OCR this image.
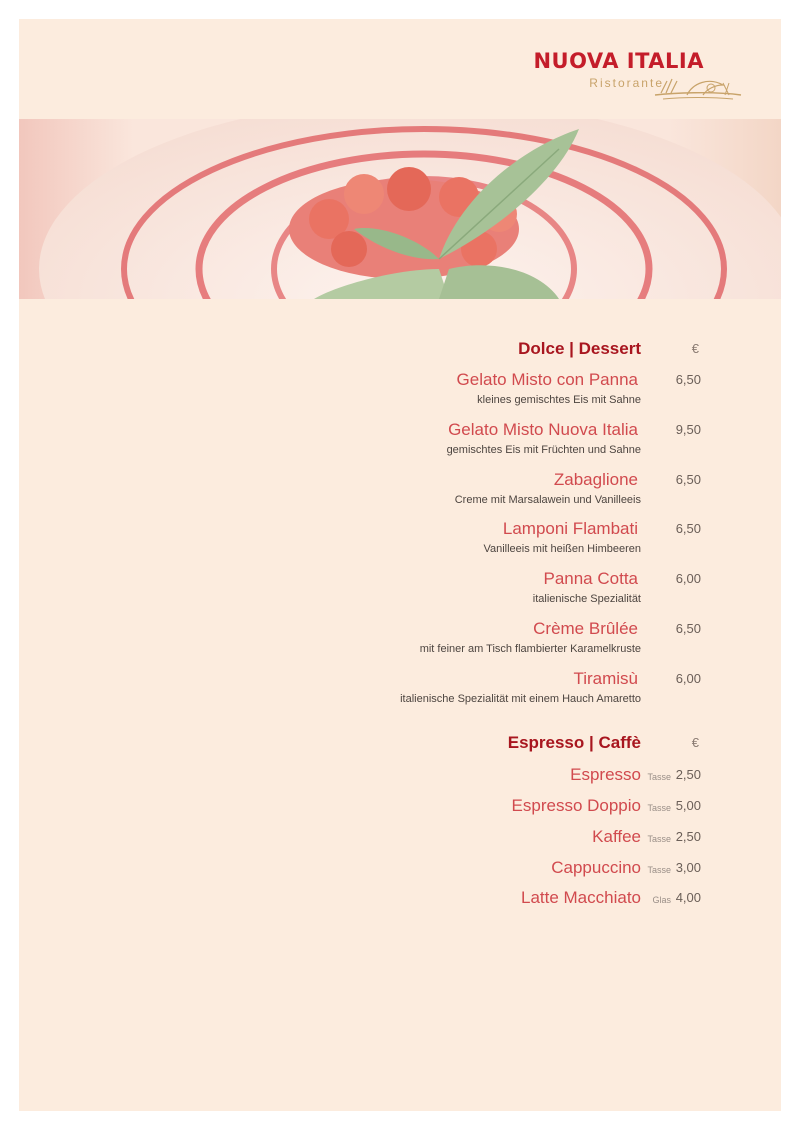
NUOVA ITALIA
Ristorante
Dolce | Dessert	€
Gelato Misto con Panna	6,50
kleines gemischtes Eis mit Sahne
Gelato Misto Nuova Italia	9,50
gemischtes Eis mit Früchten und Sahne
Zabaglione	6,50
Creme mit Marsalawein und Vanilleeis
Lamponi Flambati	6,50
Vanilleeis mit heißen Himbeeren
Panna Cotta	6,00
italienische Spezialität
Crème Brûlée	6,50
mit feiner am Tisch flambierter Karamelkruste
Tiramisù	6,00
italienische Spezialität mit einem Hauch Amaretto
Espresso | Caffè	€
Espresso Tasse 2,50
Espresso Doppio Tasse 5,00
Kaffee Tasse 2,50
Cappuccino Tasse 3,00
Latte Macchiato Glas 4,00
